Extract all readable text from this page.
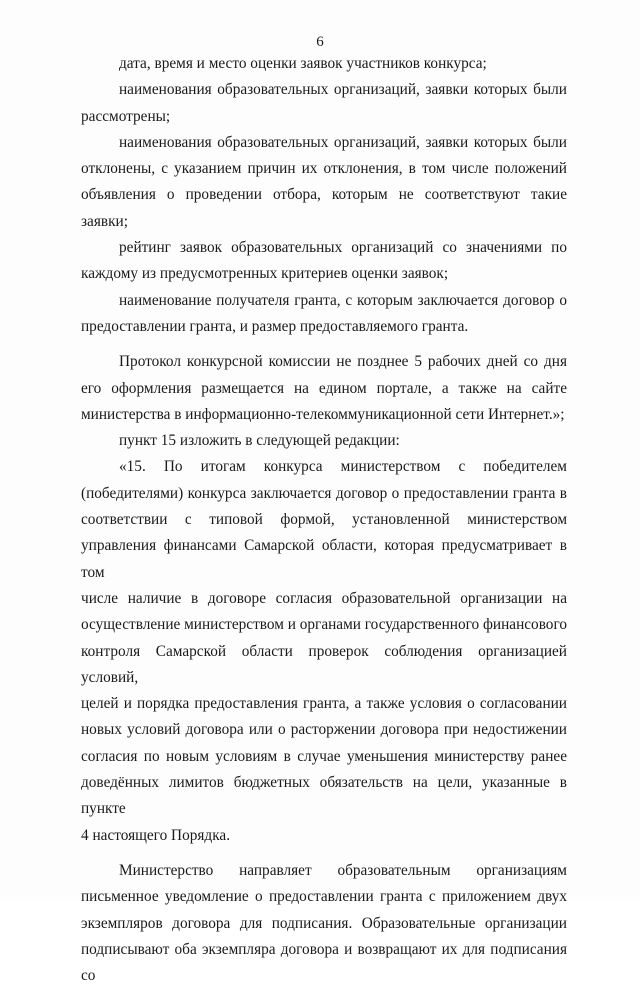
6

дата, время и место оценки заявок участников конкурса;

наименования образовательных организаций, заявки которых были

рассмотрены;

наименования образовательных организаций, заявки которых были

отклонены, с указанием причин их отклонения, в том числе положений

объявления о проведении отбора, которым не соответствуют такие заявки;

рейтинг заявок образовательных организаций со значениями по

каждому из предусмотренных критериев оценки заявок;

наименование получателя гранта, с которым заключается договор о

предоставлении гранта, и размер предоставляемого гранта.

Протокол конкурсной комиссии не позднее 5 рабочих дней со дня

его оформления размещается на едином портале, а также на сайте

министерства в информационно-телекоммуникационной сети Интернет.»;

пункт 15 изложить в следующей редакции:

«15. По итогам конкурса министерством с победителем

(победителями) конкурса заключается договор о предоставлении гранта в

соответствии с типовой формой, установленной министерством

управления финансами Самарской области, которая предусматривает в том

числе наличие в договоре согласия образовательной организации на

осуществление министерством и органами государственного финансового

контроля Самарской области проверок соблюдения организацией условий,

целей и порядка предоставления гранта, а также условия о согласовании

новых условий договора или о расторжении договора при недостижении

согласия по новым условиям в случае уменьшения министерству ранее

доведённых лимитов бюджетных обязательств на цели, указанные в пункте

4 настоящего Порядка.

Министерство направляет образовательным организациям

письменное уведомление о предоставлении гранта с приложением двух

экземпляров договора для подписания. Образовательные организации

подписывают оба экземпляра договора и возвращают их для подписания со
